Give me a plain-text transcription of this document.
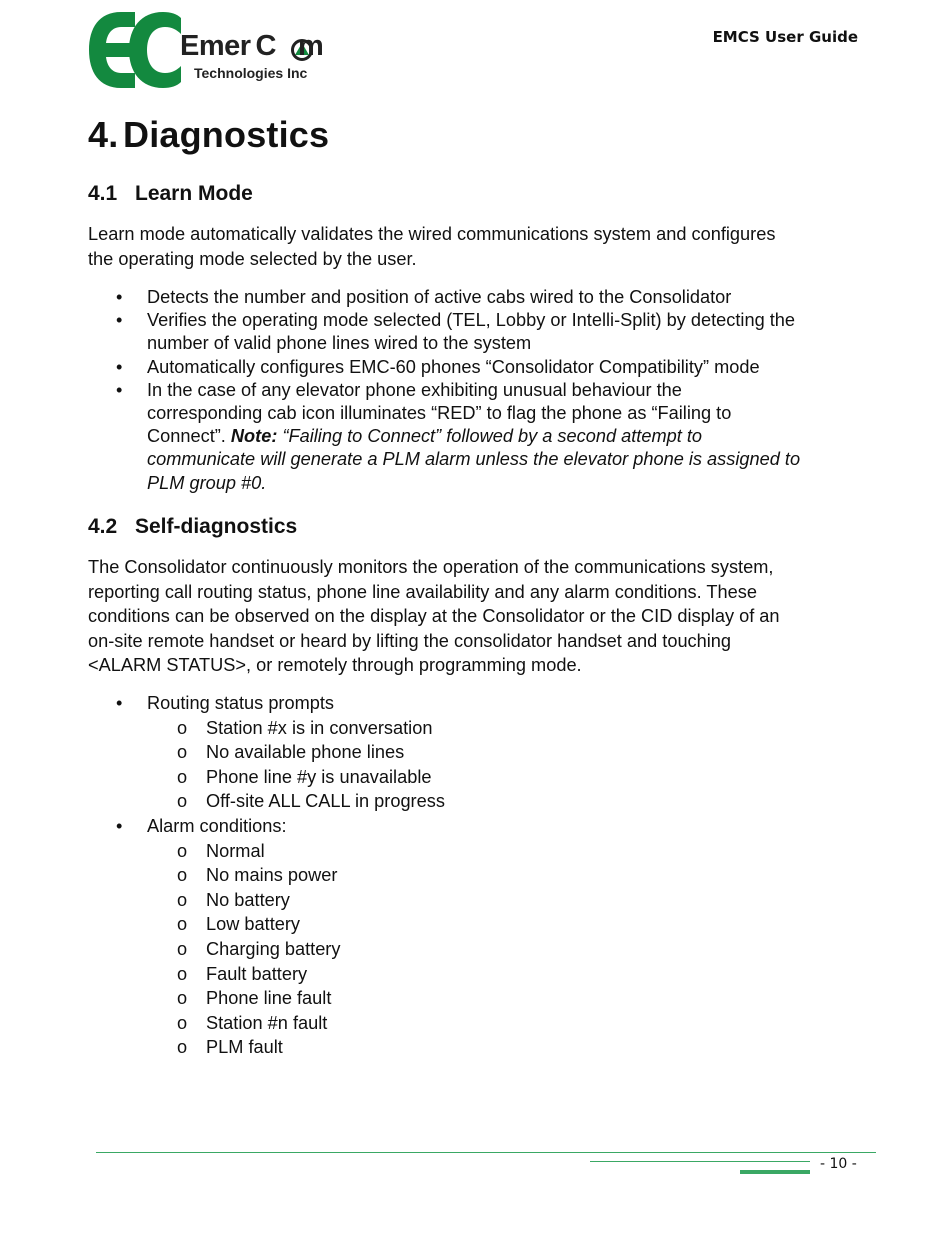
Emer C m
Technologies Inc
EMCS User Guide
4. Diagnostics
4.1 Learn Mode
Learn mode automatically validates the wired communications system and configures
the operating mode selected by the user.
• Detects the number and position of active cabs wired to the Consolidator
• Verifies the operating mode selected (TEL, Lobby or Intelli-Split) by detecting the
number of valid phone lines wired to the system
• Automatically configures EMC-60 phones “Consolidator Compatibility” mode
• In the case of any elevator phone exhibiting unusual behaviour the
corresponding cab icon illuminates “RED” to flag the phone as “Failing to
Connect”. Note: “Failing to Connect” followed by a second attempt to
communicate will generate a PLM alarm unless the elevator phone is assigned to
PLM group #0.
4.2 Self-diagnostics
The Consolidator continuously monitors the operation of the communications system,
reporting call routing status, phone line availability and any alarm conditions. These
conditions can be observed on the display at the Consolidator or the CID display of an
on-site remote handset or heard by lifting the consolidator handset and touching
<ALARM STATUS>, or remotely through programming mode.
• Routing status prompts
o Station #x is in conversation
o No available phone lines
o Phone line #y is unavailable
o Off-site ALL CALL in progress
• Alarm conditions:
o Normal
o No mains power
o No battery
o Low battery
o Charging battery
o Fault battery
o Phone line fault
o Station #n fault
o PLM fault
- 10 -
